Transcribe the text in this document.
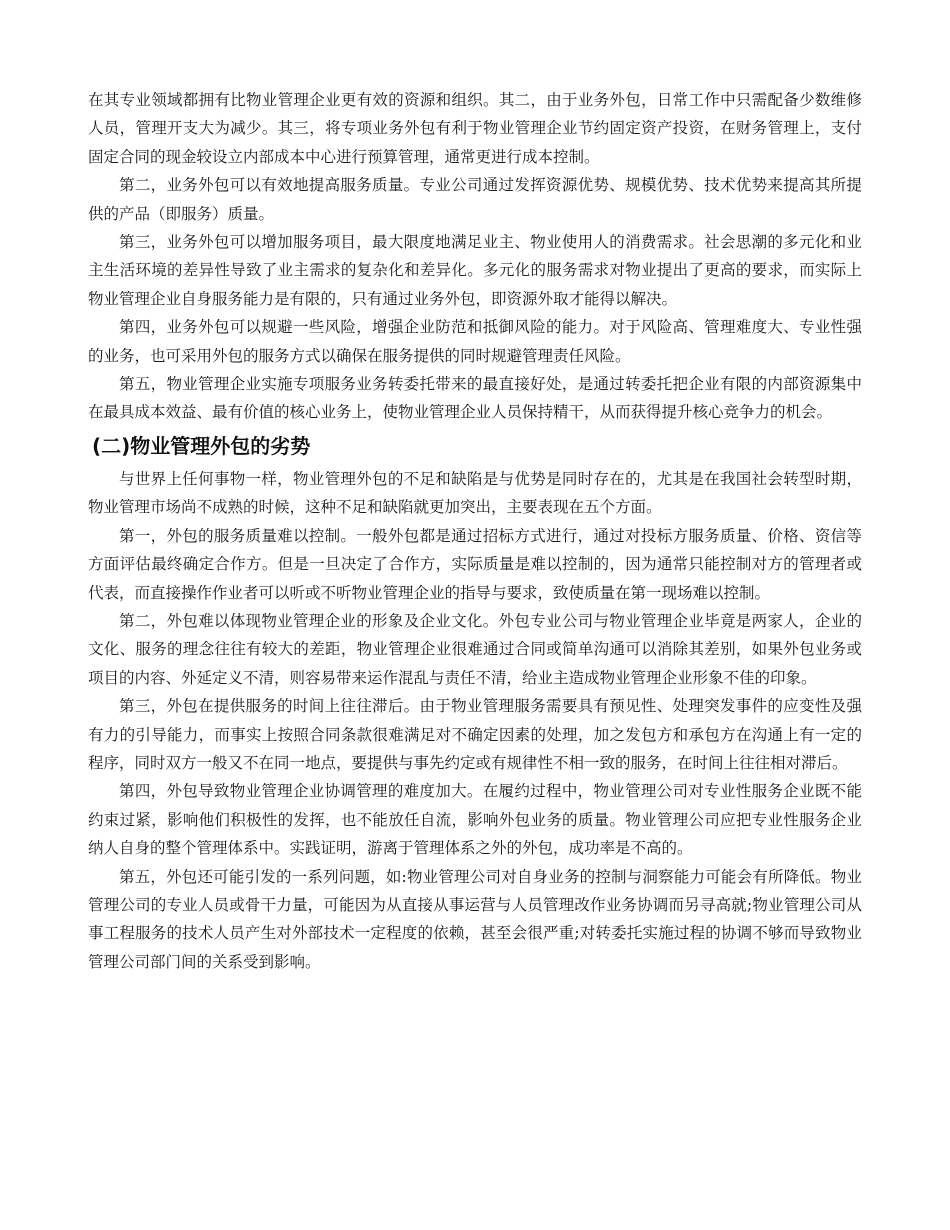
在其专业领域都拥有比物业管理企业更有效的资源和组织。其二，由于业务外包，日常工作中只需配备少数维修人员，管理开支大为减少。其三，将专项业务外包有利于物业管理企业节约固定资产投资，在财务管理上，支付固定合同的现金较设立内部成本中心进行预算管理，通常更进行成本控制。

第二，业务外包可以有效地提高服务质量。专业公司通过发挥资源优势、规模优势、技术优势来提高其所提供的产品（即服务）质量。

第三，业务外包可以增加服务项目，最大限度地满足业主、物业使用人的消费需求。社会思潮的多元化和业主生活环境的差异性导致了业主需求的复杂化和差异化。多元化的服务需求对物业提出了更高的要求，而实际上物业管理企业自身服务能力是有限的，只有通过业务外包，即资源外取才能得以解决。

第四，业务外包可以规避一些风险，增强企业防范和抵御风险的能力。对于风险高、管理难度大、专业性强的业务，也可采用外包的服务方式以确保在服务提供的同时规避管理责任风险。

第五，物业管理企业实施专项服务业务转委托带来的最直接好处，是通过转委托把企业有限的内部资源集中在最具成本效益、最有价值的核心业务上，使物业管理企业人员保持精干，从而获得提升核心竞争力的机会。

(二)物业管理外包的劣势

与世界上任何事物一样，物业管理外包的不足和缺陷是与优势是同时存在的，尤其是在我国社会转型时期，物业管理市场尚不成熟的时候，这种不足和缺陷就更加突出，主要表现在五个方面。

第一，外包的服务质量难以控制。一般外包都是通过招标方式进行，通过对投标方服务质量、价格、资信等方面评估最终确定合作方。但是一旦决定了合作方，实际质量是难以控制的，因为通常只能控制对方的管理者或代表，而直接操作作业者可以听或不听物业管理企业的指导与要求，致使质量在第一现场难以控制。

第二，外包难以体现物业管理企业的形象及企业文化。外包专业公司与物业管理企业毕竟是两家人，企业的文化、服务的理念往往有较大的差距，物业管理企业很难通过合同或简单沟通可以消除其差别，如果外包业务或项目的内容、外延定义不清，则容易带来运作混乱与责任不清，给业主造成物业管理企业形象不佳的印象。

第三，外包在提供服务的时间上往往滞后。由于物业管理服务需要具有预见性、处理突发事件的应变性及强有力的引导能力，而事实上按照合同条款很难满足对不确定因素的处理，加之发包方和承包方在沟通上有一定的程序，同时双方一般又不在同一地点，要提供与事先约定或有规律性不相一致的服务，在时间上往往相对滞后。

第四，外包导致物业管理企业协调管理的难度加大。在履约过程中，物业管理公司对专业性服务企业既不能约束过紧，影响他们积极性的发挥，也不能放任自流，影响外包业务的质量。物业管理公司应把专业性服务企业纳人自身的整个管理体系中。实践证明，游离于管理体系之外的外包，成功率是不高的。

第五，外包还可能引发的一系列问题，如:物业管理公司对自身业务的控制与洞察能力可能会有所降低。物业管理公司的专业人员或骨干力量，可能因为从直接从事运营与人员管理改作业务协调而另寻高就;物业管理公司从事工程服务的技术人员产生对外部技术一定程度的依赖，甚至会很严重;对转委托实施过程的协调不够而导致物业管理公司部门间的关系受到影响。
